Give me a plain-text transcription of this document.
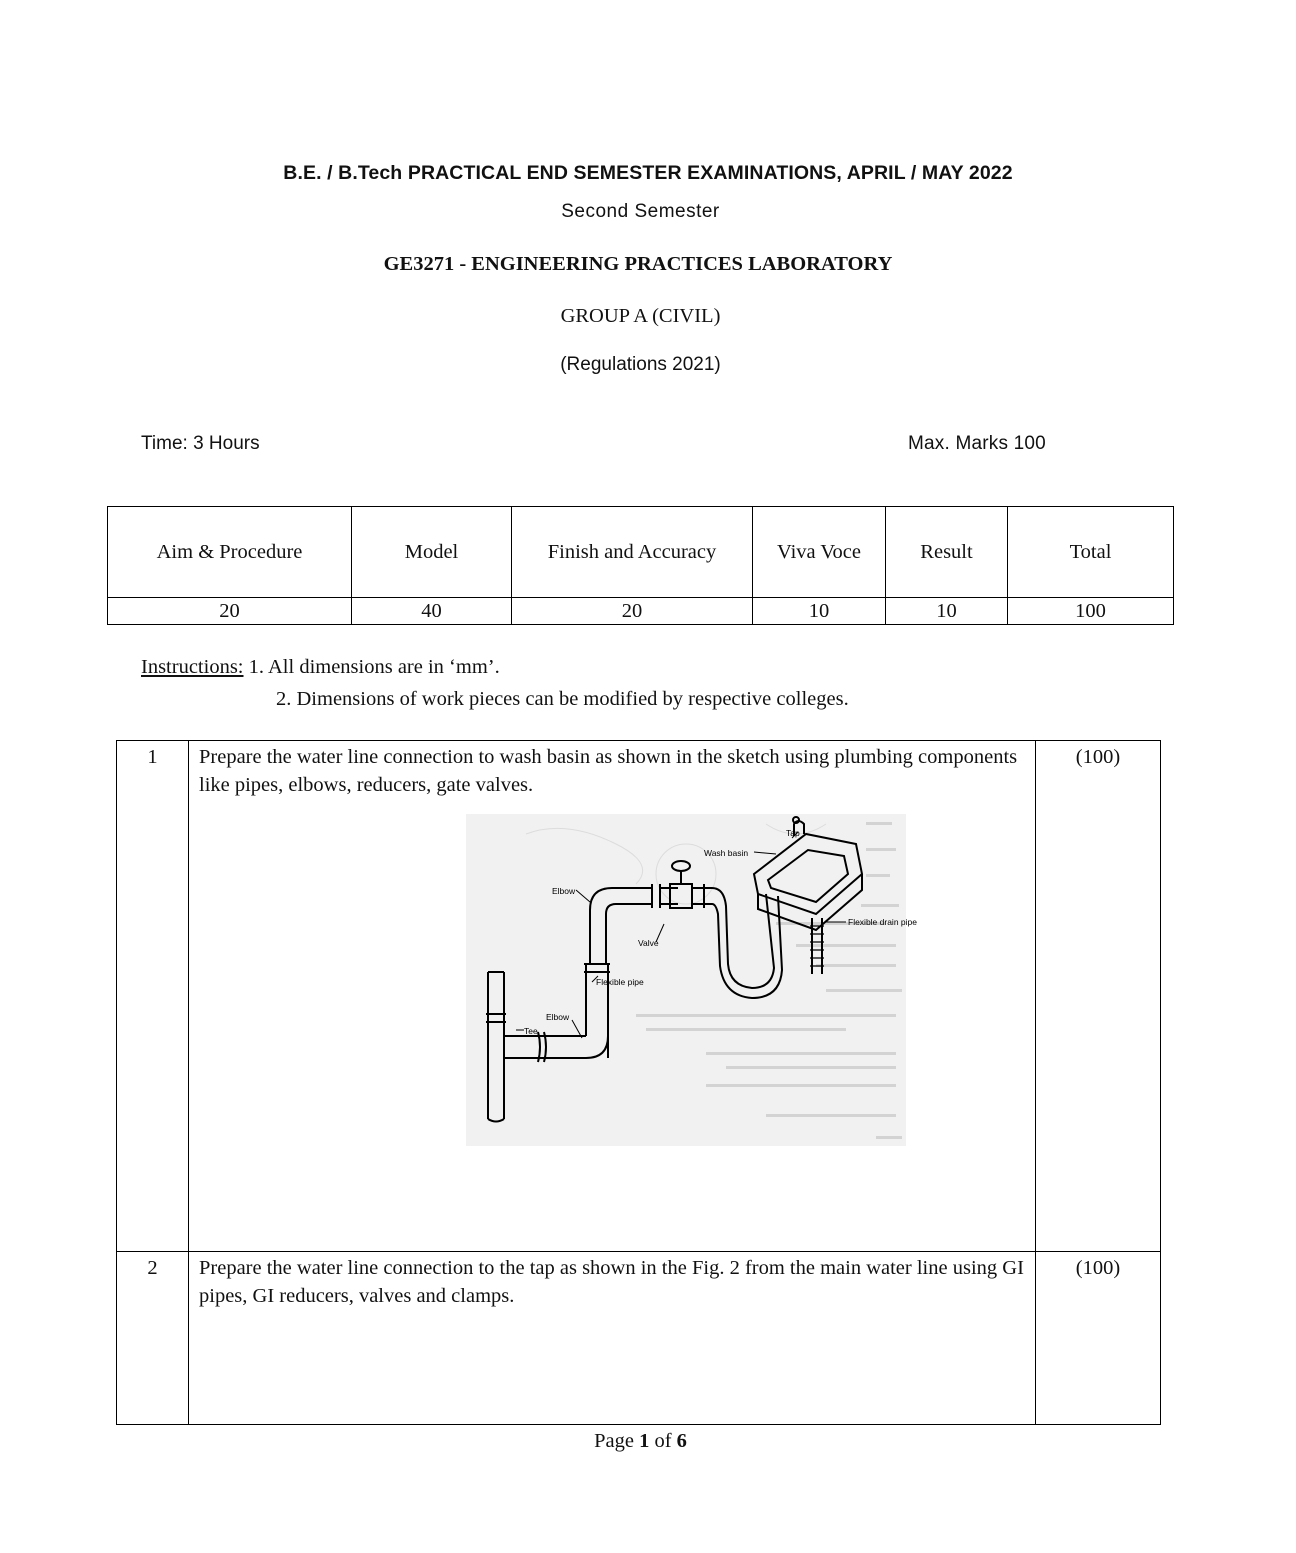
B.E. / B.Tech PRACTICAL END SEMESTER EXAMINATIONS, APRIL / MAY 2022
Second Semester
GE3271 - ENGINEERING PRACTICES LABORATORY
GROUP A (CIVIL)
(Regulations 2021)
Time: 3 Hours	Max. Marks 100
Aim & Procedure	Model	Finish and Accuracy	Viva Voce	Result	Total
20	40	20	10	10	100
Instructions: 1. All dimensions are in ‘mm’.
2. Dimensions of work pieces can be modified by respective colleges.
1	Prepare the water line connection to wash basin as shown in the sketch using plumbing components like pipes, elbows, reducers, gate valves.	(100)
2	Prepare the water line connection to the tap as shown in the Fig. 2 from the main water line using GI pipes, GI reducers, valves and clamps.	(100)
Wash basin
Tap
Flexible drain pipe
Elbow
Valve
Flexible pipe
Elbow
Tee
Page 1 of 6
